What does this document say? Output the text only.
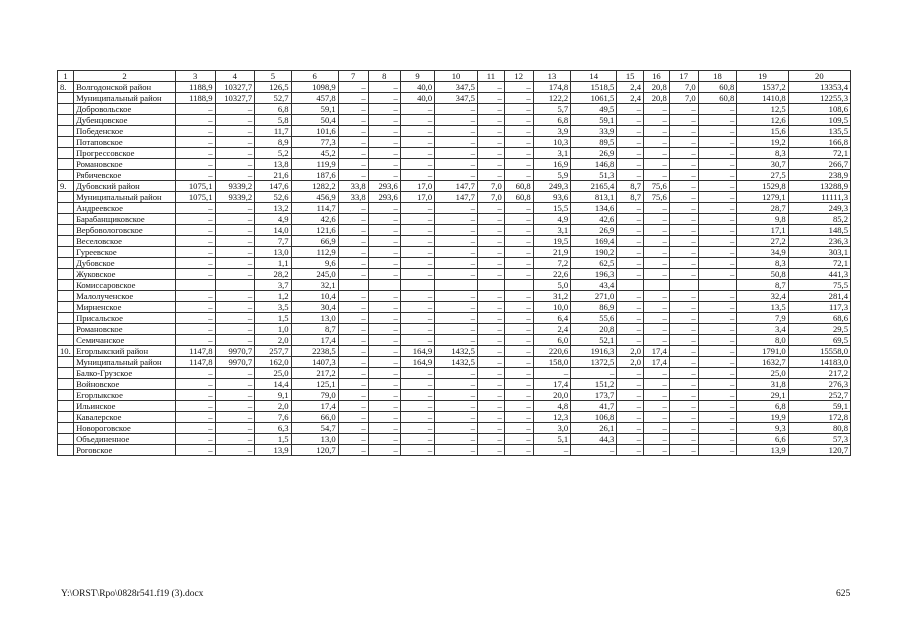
1	2	3	4	5	6	7	8	9	10	11	12	13	14	15	16	17	18	19	20
8.	Волгодонской район	1188,9	10327,7	126,5	1098,9	–	–	40,0	347,5	–	–	174,8	1518,5	2,4	20,8	7,0	60,8	1537,2	13353,4
	Муниципальный район	1188,9	10327,7	52,7	457,8	–	–	40,0	347,5	–	–	122,2	1061,5	2,4	20,8	7,0	60,8	1410,8	12255,3
	Добровольское	–	–	6,8	59,1	–	–	–	–	–	–	5,7	49,5	–	–	–	–	12,5	108,6
	Дубенцовское	–	–	5,8	50,4	–	–	–	–	–	–	6,8	59,1	–	–	–	–	12,6	109,5
	Победенское	–	–	11,7	101,6	–	–	–	–	–	–	3,9	33,9	–	–	–	–	15,6	135,5
	Потаповское	–	–	8,9	77,3	–	–	–	–	–	–	10,3	89,5	–	–	–	–	19,2	166,8
	Прогрессовское	–	–	5,2	45,2	–	–	–	–	–	–	3,1	26,9	–	–	–	–	8,3	72,1
	Романовское	–	–	13,8	119,9	–	–	–	–	–	–	16,9	146,8	–	–	–	–	30,7	266,7
	Рябичевское	–	–	21,6	187,6	–	–	–	–	–	–	5,9	51,3	–	–	–	–	27,5	238,9
9.	Дубовский район	1075,1	9339,2	147,6	1282,2	33,8	293,6	17,0	147,7	7,0	60,8	249,3	2165,4	8,7	75,6	–	–	1529,8	13288,9
	Муниципальный район	1075,1	9339,2	52,6	456,9	33,8	293,6	17,0	147,7	7,0	60,8	93,6	813,1	8,7	75,6	–	–	1279,1	11111,3
	Андреевское	–	–	13,2	114,7	–	–	–	–	–	–	15,5	134,6	–	–	–	–	28,7	249,3
	Барабанщиковское	–	–	4,9	42,6	–	–	–	–	–	–	4,9	42,6	–	–	–	–	9,8	85,2
	Вербовологовское	–	–	14,0	121,6	–	–	–	–	–	–	3,1	26,9	–	–	–	–	17,1	148,5
	Веселовское	–	–	7,7	66,9	–	–	–	–	–	–	19,5	169,4	–	–	–	–	27,2	236,3
	Гуреевское	–	–	13,0	112,9	–	–	–	–	–	–	21,9	190,2	–	–	–	–	34,9	303,1
	Дубовское	–	–	1,1	9,6	–	–	–	–	–	–	7,2	62,5	–	–	–	–	8,3	72,1
	Жуковское	–	–	28,2	245,0	–	–	–	–	–	–	22,6	196,3	–	–	–	–	50,8	441,3
	Комиссаровское			3,7	32,1							5,0	43,4					8,7	75,5
	Малолученское	–	–	1,2	10,4	–	–	–	–	–	–	31,2	271,0	–	–	–	–	32,4	281,4
	Мирненское	–	–	3,5	30,4	–	–	–	–	–	–	10,0	86,9	–	–	–	–	13,5	117,3
	Присальское	–	–	1,5	13,0	–	–	–	–	–	–	6,4	55,6	–	–	–	–	7,9	68,6
	Романовское	–	–	1,0	8,7	–	–	–	–	–	–	2,4	20,8	–	–	–	–	3,4	29,5
	Семичанское	–	–	2,0	17,4	–	–	–	–	–	–	6,0	52,1	–	–	–	–	8,0	69,5
10.	Егорлыкский район	1147,8	9970,7	257,7	2238,5	–	–	164,9	1432,5	–	–	220,6	1916,3	2,0	17,4	–	–	1791,0	15558,0
	Муниципальный район	1147,8	9970,7	162,0	1407,3	–	–	164,9	1432,5	–	–	158,0	1372,5	2,0	17,4	–	–	1632,7	14183,0
	Балко-Грузское	–	–	25,0	217,2	–	–	–	–	–	–	–	–	–	–	–	–	25,0	217,2
	Войновское	–	–	14,4	125,1	–	–	–	–	–	–	17,4	151,2	–	–	–	–	31,8	276,3
	Егорлыкское	–	–	9,1	79,0	–	–	–	–	–	–	20,0	173,7	–	–	–	–	29,1	252,7
	Ильинское	–	–	2,0	17,4	–	–	–	–	–	–	4,8	41,7	–	–	–	–	6,8	59,1
	Кавалерское	–	–	7,6	66,0	–	–	–	–	–	–	12,3	106,8	–	–	–	–	19,9	172,8
	Новороговское	–	–	6,3	54,7	–	–	–	–	–	–	3,0	26,1	–	–	–	–	9,3	80,8
	Объединенное	–	–	1,5	13,0	–	–	–	–	–	–	5,1	44,3	–	–	–	–	6,6	57,3
	Роговское	–	–	13,9	120,7	–	–	–	–	–	–	–	–	–	–	–	–	13,9	120,7
Y:\ORST\Rpo\0828r541.f19 (3).docx	625
